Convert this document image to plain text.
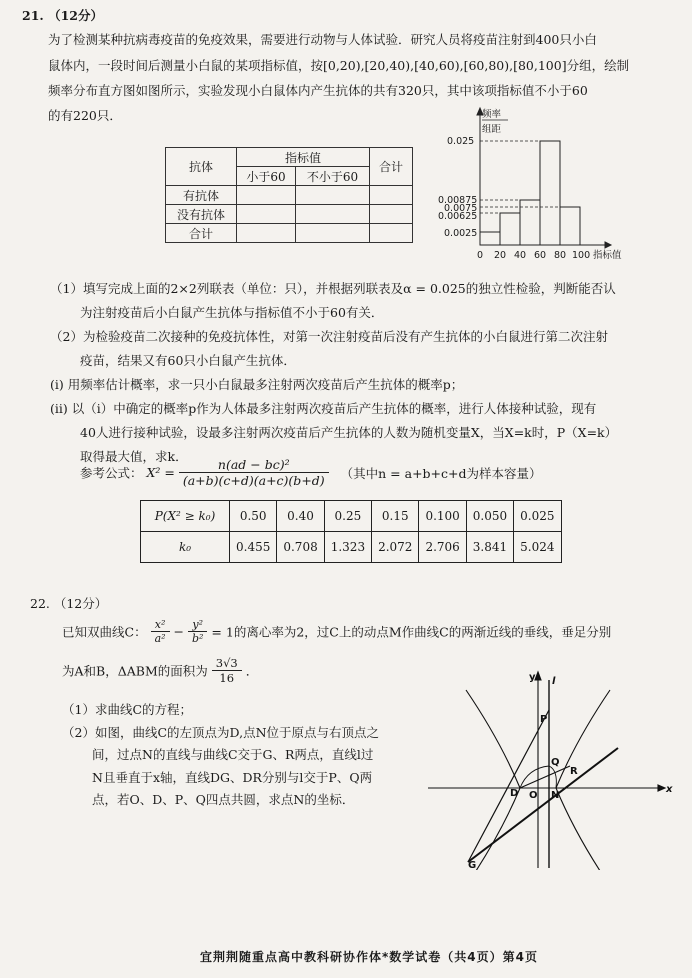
21. （12分）
为了检测某种抗病毒疫苗的免疫效果，需要进行动物与人体试验．研究人员将疫苗注射到400只小白
鼠体内，一段时间后测量小白鼠的某项指标值，按[0,20),[20,40),[40,60),[60,80),[80,100]分组，绘制
频率分布直方图如图所示，实验发现小白鼠体内产生抗体的共有320只，其中该项指标值不小于60
的有220只．
抗体	指标值		合计
	小于60	不小于60	
有抗体			
没有抗体			
合计			
频率
组距
0.025
0.00875
0.0075
0.00625
0.0025
0 20 40 60 80 100 指标值
（1）填写完成上面的2×2列联表（单位：只），并根据列联表及α = 0.025的独立性检验，判断能否认
为注射疫苗后小白鼠产生抗体与指标值不小于60有关．
（2）为检验疫苗二次接种的免疫抗体性，对第一次注射疫苗后没有产生抗体的小白鼠进行第二次注射
疫苗，结果又有60只小白鼠产生抗体．
(i) 用频率估计概率，求一只小白鼠最多注射两次疫苗后产生抗体的概率p；
(ii) 以（i）中确定的概率p作为人体最多注射两次疫苗后产生抗体的概率，进行人体接种试验，现有
40人进行接种试验，设最多注射两次疫苗后产生抗体的人数为随机变量X，当X=k时，P（X=k）
取得最大值，求k．
参考公式： $X^2 = \frac{\text{n(ad − bc)²}}{(a+b)(c+d)(a+c)(b+d)}$ （其中n = a+b+c+d为样本容量）
P(X² ≥ k₀)	0.50	0.40	0.25	0.15	0.100	0.050	0.025
k₀	0.455	0.708	1.323	2.072	2.706	3.841	5.024
22. （12分）
已知双曲线C： $\frac{\text{x²}}{\text{a²}} - \frac{\text{y²}}{\text{b²}} = 1$的离心率为2，过C上的动点M作曲线C的两渐近线的垂线，垂足分别
为A和B，ΔABM的面积为 $\frac{3√3}{16}$ ．
（1）求曲线C的方程；
（2）如图，曲线C的左顶点为D,点N位于原点与右顶点之
间，过点N的直线与曲线C交于G、R两点，直线l过
N且垂直于x轴，直线DG、DR分别与l交于P、Q两
点，若O、D、P、Q四点共圆，求点N的坐标．
y l
x
P
Q
R
D O N
G
宜荆荆随重点高中教科研协作体*数学试卷（共4页）第4页
